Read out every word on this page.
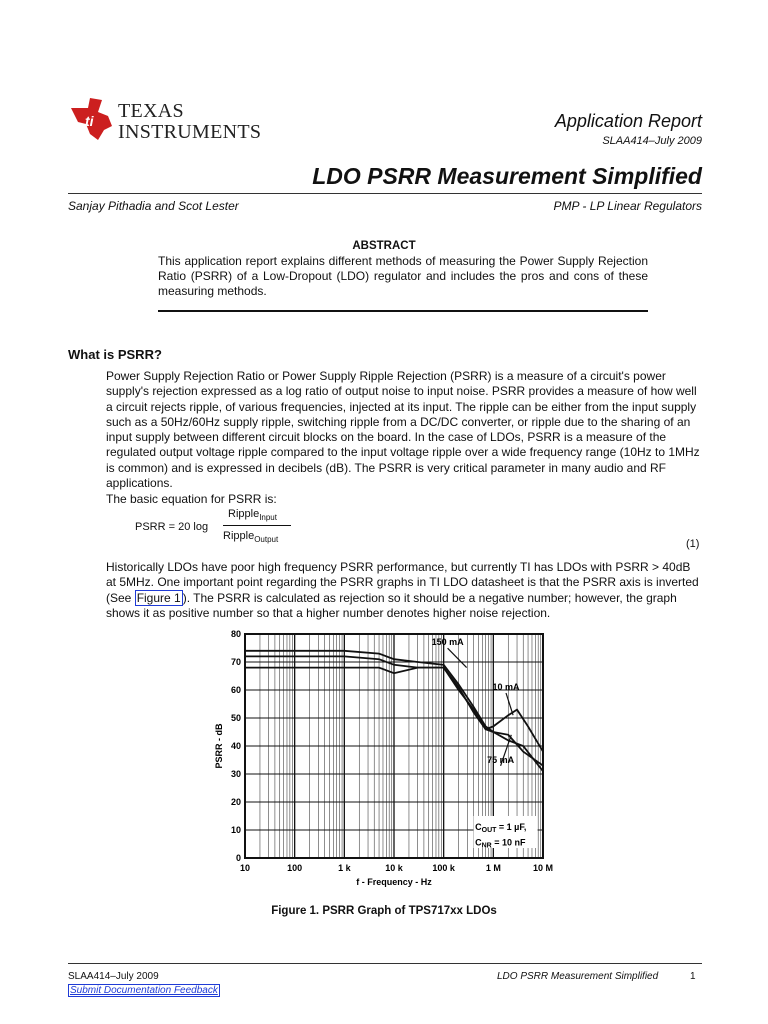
ti TEXAS
INSTRUMENTS	Application Report
SLAA414–July 2009
LDO PSRR Measurement Simplified
Sanjay Pithadia and Scot Lester	PMP - LP Linear Regulators
ABSTRACT
This application report explains different methods of measuring the Power Supply Rejection Ratio (PSRR) of a Low-Dropout (LDO) regulator and includes the pros and cons of these measuring methods.
What is PSRR?
Power Supply Rejection Ratio or Power Supply Ripple Rejection (PSRR) is a measure of a circuit's power supply's rejection expressed as a log ratio of output noise to input noise. PSRR provides a measure of how well a circuit rejects ripple, of various frequencies, injected at its input. The ripple can be either from the input supply such as a 50Hz/60Hz supply ripple, switching ripple from a DC/DC converter, or ripple due to the sharing of an input supply between different circuit blocks on the board. In the case of LDOs, PSRR is a measure of the regulated output voltage ripple compared to the input voltage ripple over a wide frequency range (10Hz to 1MHz is common) and is expressed in decibels (dB). The PSRR is very critical parameter in many audio and RF applications.
The basic equation for PSRR is:
PSRR = 20 log
Ripple$_{Input}$
Ripple$_{Output}$	(1)
Historically LDOs have poor high frequency PSRR performance, but currently TI has LDOs with PSRR > 40dB at 5MHz. One important point regarding the PSRR graphs in TI LDO datasheet is that the PSRR axis is inverted (See Figure 1 ). The PSRR is calculated as rejection so it should be a negative number; however, the graph shows it as positive number so that a higher number denotes higher noise rejection.
10	100	1 k	10 k	100 k	1 M	10 M
0
10
20
30
40
50
60
70
80
150 mA
10 mA
75 mA
$C_{OUT} = 1$ µF,
$C_{NR} = 10$ nF
f - Frequency - Hz
PSRR - dB
Figure 1. PSRR Graph of TPS717xx LDOs
SLAA414–July 2009	LDO PSRR Measurement Simplified	1
Submit Documentation Feedback
